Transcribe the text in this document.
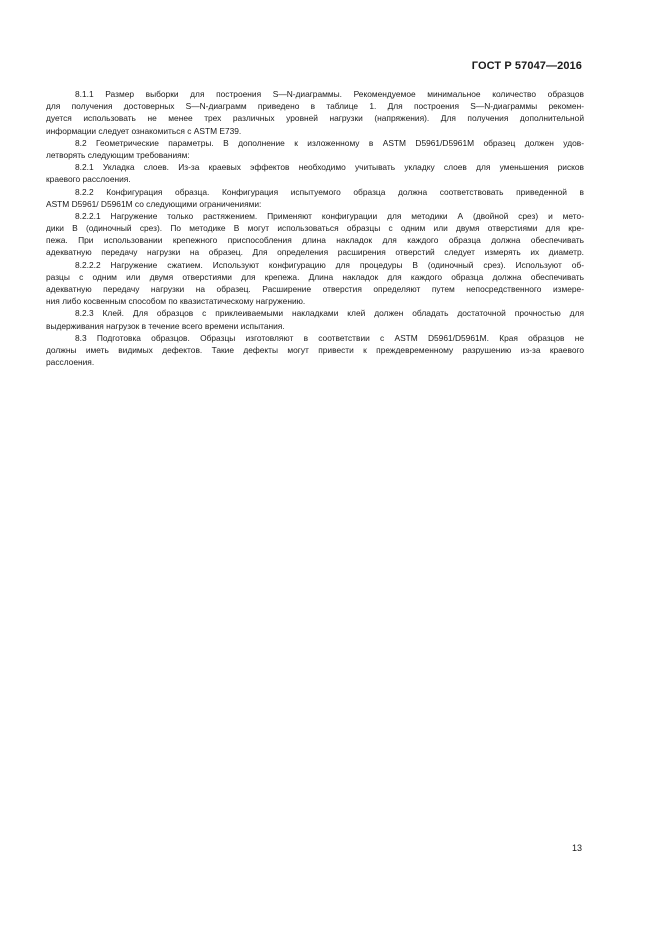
ГОСТ Р 57047—2016
8.1.1 Размер выборки для построения S—N-диаграммы. Рекомендуемое минимальное количество образцов
для получения достоверных S—N-диаграмм приведено в таблице 1. Для построения S—N-диаграммы рекомен-
дуется использовать не менее трех различных уровней нагрузки (напряжения). Для получения дополнительной
информации следует ознакомиться с ASTM E739.
8.2 Геометрические параметры. В дополнение к изложенному в ASTM D5961/D5961M образец должен удов-
летворять следующим требованиям:
8.2.1 Укладка слоев. Из-за краевых эффектов необходимо учитывать укладку слоев для уменьшения рисков
краевого расслоения.
8.2.2 Конфигурация образца. Конфигурация испытуемого образца должна соответствовать приведенной в
ASTM D5961/ D5961M со следующими ограничениями:
8.2.2.1 Нагружение только растяжением. Применяют конфигурации для методики А (двойной срез) и мето-
дики В (одиночный срез). По методике В могут использоваться образцы с одним или двумя отверстиями для кре-
пежа. При использовании крепежного приспособления длина накладок для каждого образца должна обеспечивать
адекватную передачу нагрузки на образец. Для определения расширения отверстий следует измерять их диаметр.
8.2.2.2 Нагружение сжатием. Используют конфигурацию для процедуры В (одиночный срез). Используют об-
разцы с одним или двумя отверстиями для крепежа. Длина накладок для каждого образца должна обеспечивать
адекватную передачу нагрузки на образец. Расширение отверстия определяют путем непосредственного измере-
ния либо косвенным способом по квазистатическому нагружению.
8.2.3 Клей. Для образцов с приклеиваемыми накладками клей должен обладать достаточной прочностью для
выдерживания нагрузок в течение всего времени испытания.
8.3 Подготовка образцов. Образцы изготовляют в соответствии с ASTM D5961/D5961M. Края образцов не
должны иметь видимых дефектов. Такие дефекты могут привести к преждевременному разрушению из-за краевого
расслоения.
13
